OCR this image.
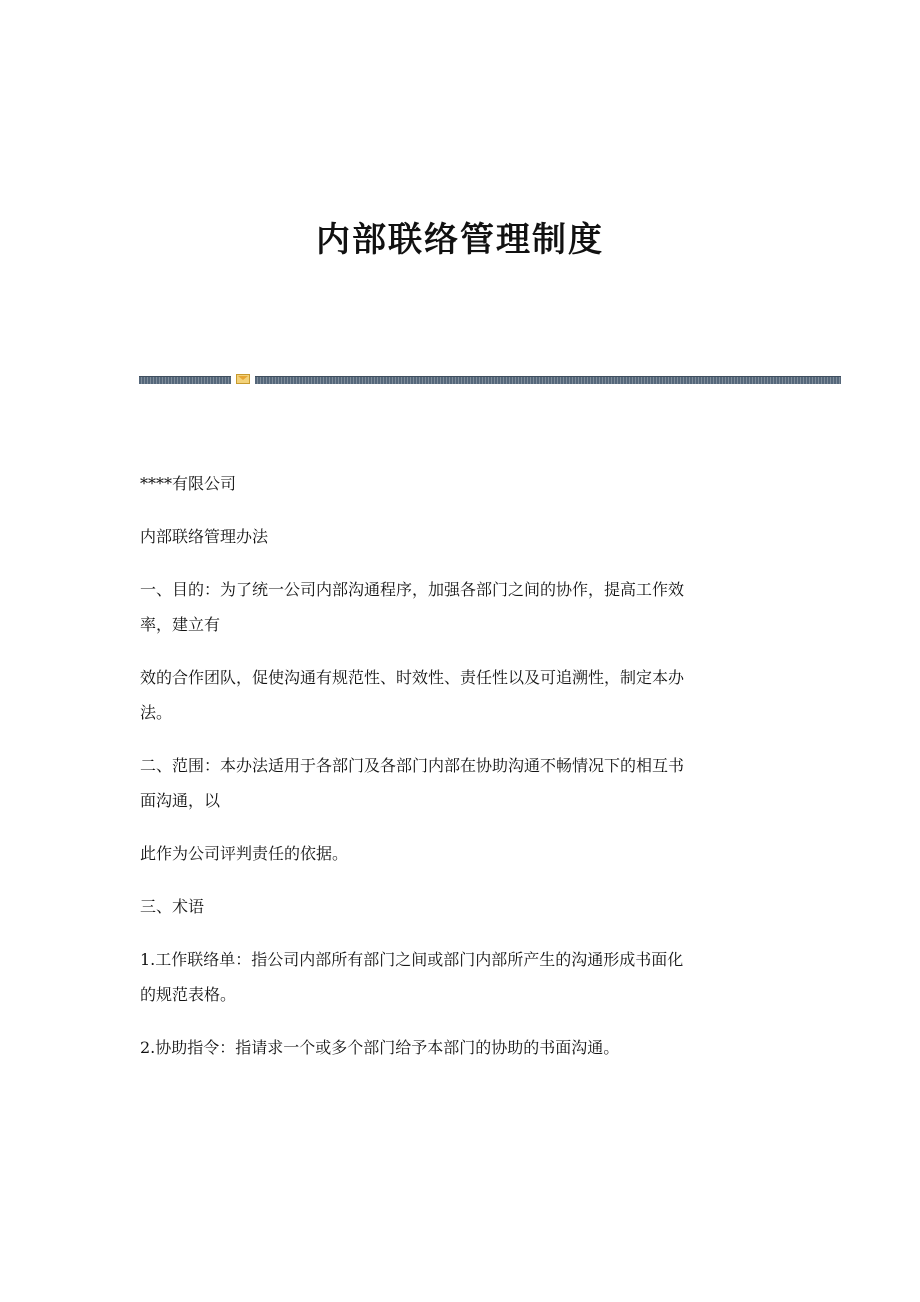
内部联络管理制度

****有限公司

内部联络管理办法

一、目的：为了统一公司内部沟通程序，加强各部门之间的协作，提高工作效
率，建立有

效的合作团队，促使沟通有规范性、时效性、责任性以及可追溯性，制定本办
法。

二、范围：本办法适用于各部门及各部门内部在协助沟通不畅情况下的相互书
面沟通，以

此作为公司评判责任的依据。

三、术语

1.工作联络单：指公司内部所有部门之间或部门内部所产生的沟通形成书面化
的规范表格。

2.协助指令：指请求一个或多个部门给予本部门的协助的书面沟通。
